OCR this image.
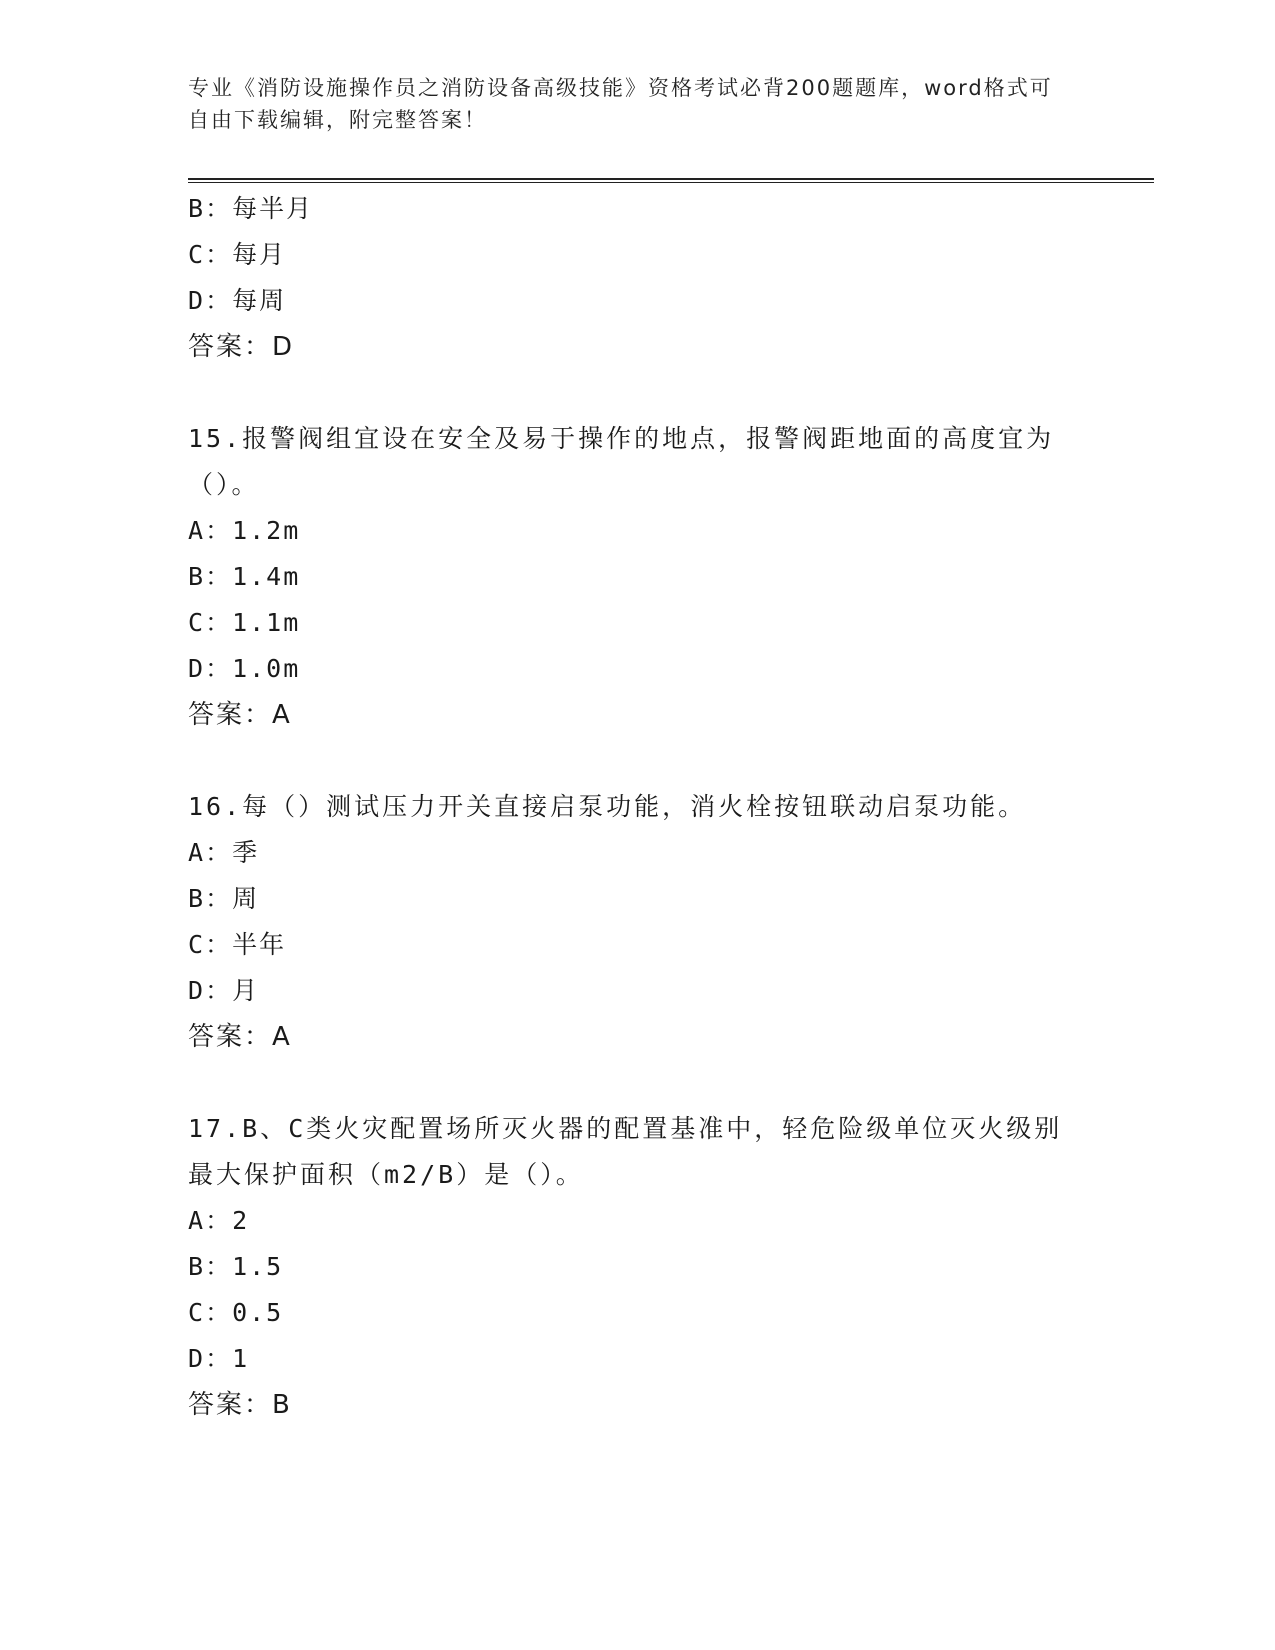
专业《消防设施操作员之消防设备高级技能》资格考试必背200题题库，word格式可自由下载编辑，附完整答案！
B：每半月
C：每月
D：每周
答案：D
15.报警阀组宜设在安全及易于操作的地点，报警阀距地面的高度宜为（）。
A：1.2m
B：1.4m
C：1.1m
D：1.0m
答案：A
16.每（）测试压力开关直接启泵功能，消火栓按钮联动启泵功能。
A：季
B：周
C：半年
D：月
答案：A
17.B、C类火灾配置场所灭火器的配置基准中，轻危险级单位灭火级别最大保护面积（m2/B）是（）。
A：2
B：1.5
C：0.5
D：1
答案：B
